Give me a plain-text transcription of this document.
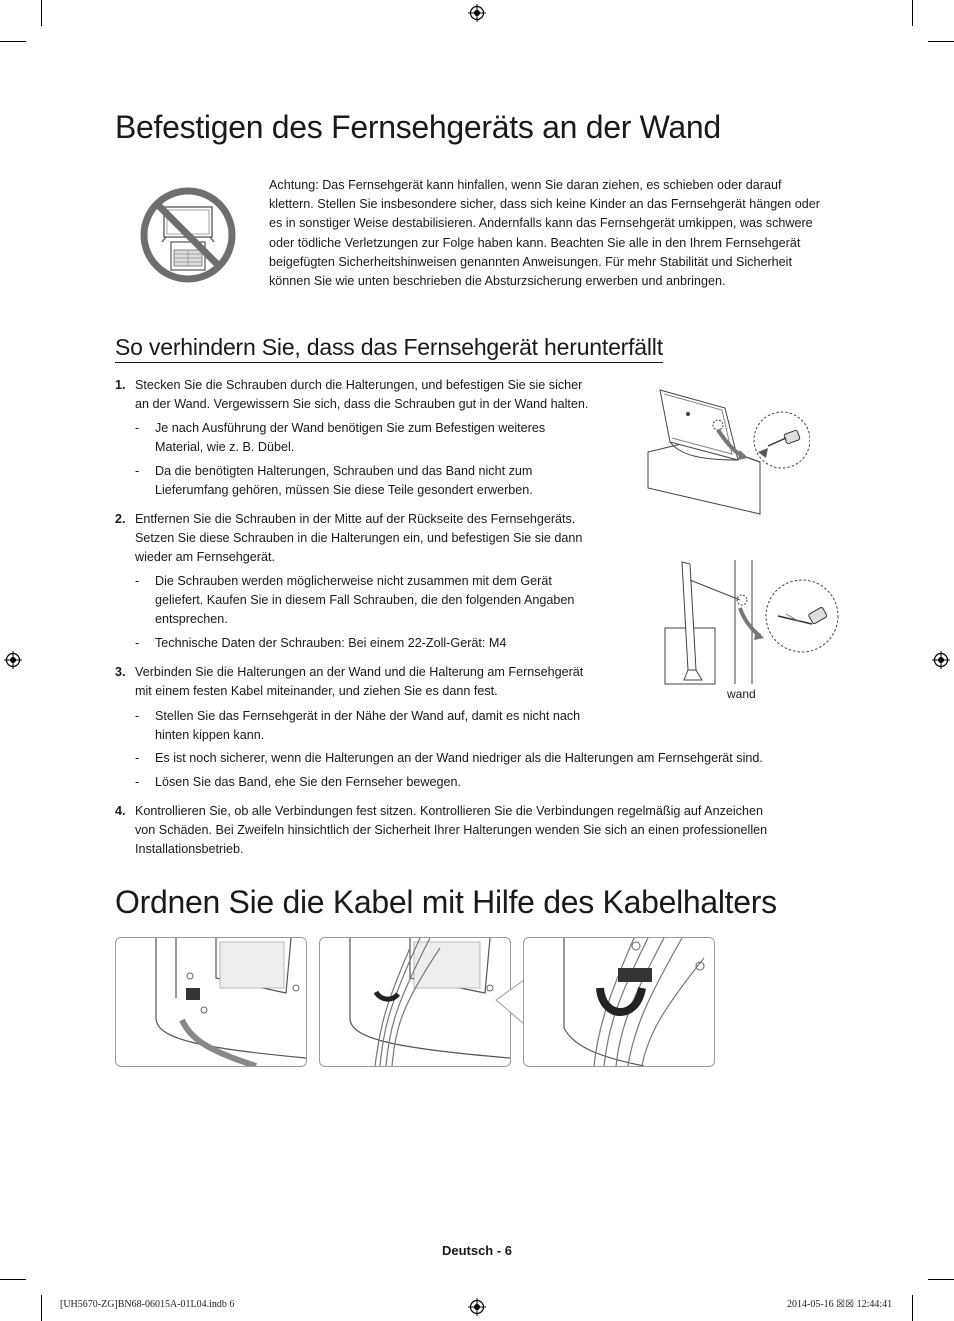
Befestigen des Fernsehgeräts an der Wand

Achtung: Das Fernsehgerät kann hinfallen, wenn Sie daran ziehen, es schieben oder darauf klettern. Stellen Sie insbesondere sicher, dass sich keine Kinder an das Fernsehgerät hängen oder es in sonstiger Weise destabilisieren. Andernfalls kann das Fernsehgerät umkippen, was schwere oder tödliche Verletzungen zur Folge haben kann. Beachten Sie alle in den Ihrem Fernsehgerät beigefügten Sicherheitshinweisen genannten Anweisungen. Für mehr Stabilität und Sicherheit können Sie wie unten beschrieben die Absturzsicherung erwerben und anbringen.

So verhindern Sie, dass das Fernsehgerät herunterfällt
1. Stecken Sie die Schrauben durch die Halterungen, und befestigen Sie sie sicher
an der Wand. Vergewissern Sie sich, dass die Schrauben gut in der Wand halten.
- Je nach Ausführung der Wand benötigen Sie zum Befestigen weiteres
Material, wie z. B. Dübel.
- Da die benötigten Halterungen, Schrauben und das Band nicht zum
Lieferumfang gehören, müssen Sie diese Teile gesondert erwerben.
2. Entfernen Sie die Schrauben in der Mitte auf der Rückseite des Fernsehgeräts.
Setzen Sie diese Schrauben in die Halterungen ein, und befestigen Sie sie dann
wieder am Fernsehgerät.
- Die Schrauben werden möglicherweise nicht zusammen mit dem Gerät
geliefert. Kaufen Sie in diesem Fall Schrauben, die den folgenden Angaben
entsprechen.
- Technische Daten der Schrauben: Bei einem 22-Zoll-Gerät: M4
3. Verbinden Sie die Halterungen an der Wand und die Halterung am Fernsehgerät
mit einem festen Kabel miteinander, und ziehen Sie es dann fest.
- Stellen Sie das Fernsehgerät in der Nähe der Wand auf, damit es nicht nach
hinten kippen kann.
- Es ist noch sicherer, wenn die Halterungen an der Wand niedriger als die Halterungen am Fernsehgerät sind.
- Lösen Sie das Band, ehe Sie den Fernseher bewegen.
4. Kontrollieren Sie, ob alle Verbindungen fest sitzen. Kontrollieren Sie die Verbindungen regelmäßig auf Anzeichen
von Schäden. Bei Zweifeln hinsichtlich der Sicherheit Ihrer Halterungen wenden Sie sich an einen professionellen
Installationsbetrieb.
wand
Ordnen Sie die Kabel mit Hilfe des Kabelhalters
Deutsch - 6
[UH5670-ZG]BN68-06015A-01L04.indb 6	2014-05-16 ☒☒ 12:44:41
